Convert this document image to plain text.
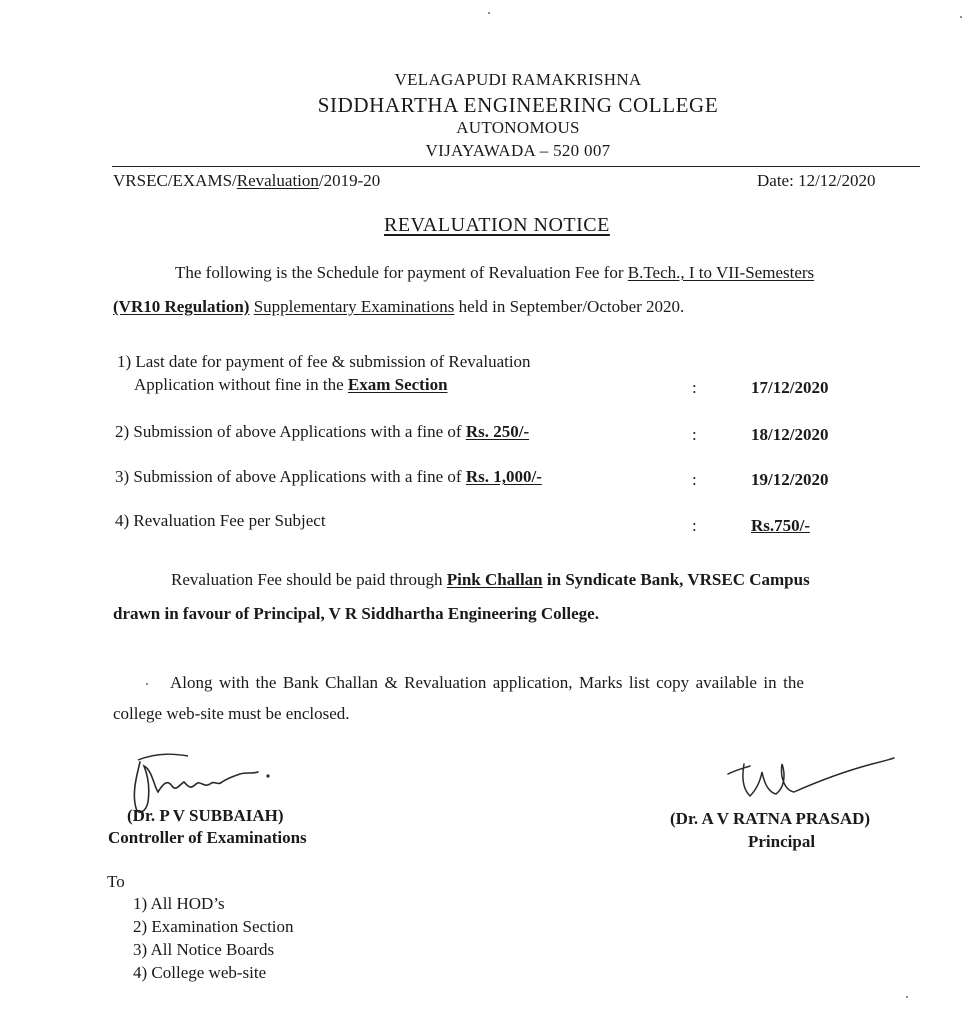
VELAGAPUDI RAMAKRISHNA
SIDDHARTHA ENGINEERING COLLEGE
AUTONOMOUS
VIJAYAWADA – 520 007
VRSEC/EXAMS/Revaluation/2019-20	Date: 12/12/2020
REVALUATION NOTICE
The following is the Schedule for payment of Revaluation Fee for B.Tech., I to VII-Semesters
(VR10 Regulation) Supplementary Examinations held in September/October 2020.
1) Last date for payment of fee & submission of Revaluation
Application without fine in the Exam Section	:	17/12/2020
2) Submission of above Applications with a fine of Rs. 250/-	:	18/12/2020
3) Submission of above Applications with a fine of Rs. 1,000/-	:	19/12/2020
4) Revaluation Fee per Subject	:	Rs.750/-
Revaluation Fee should be paid through Pink Challan in Syndicate Bank, VRSEC Campus
drawn in favour of Principal, V R Siddhartha Engineering College.
Along with the Bank Challan & Revaluation application, Marks list copy available in the
college web-site must be enclosed.
(Dr. P V SUBBAIAH)
Controller of Examinations
(Dr. A V RATNA PRASAD)
Principal
To
1) All HOD’s
2) Examination Section
3) All Notice Boards
4) College web-site
